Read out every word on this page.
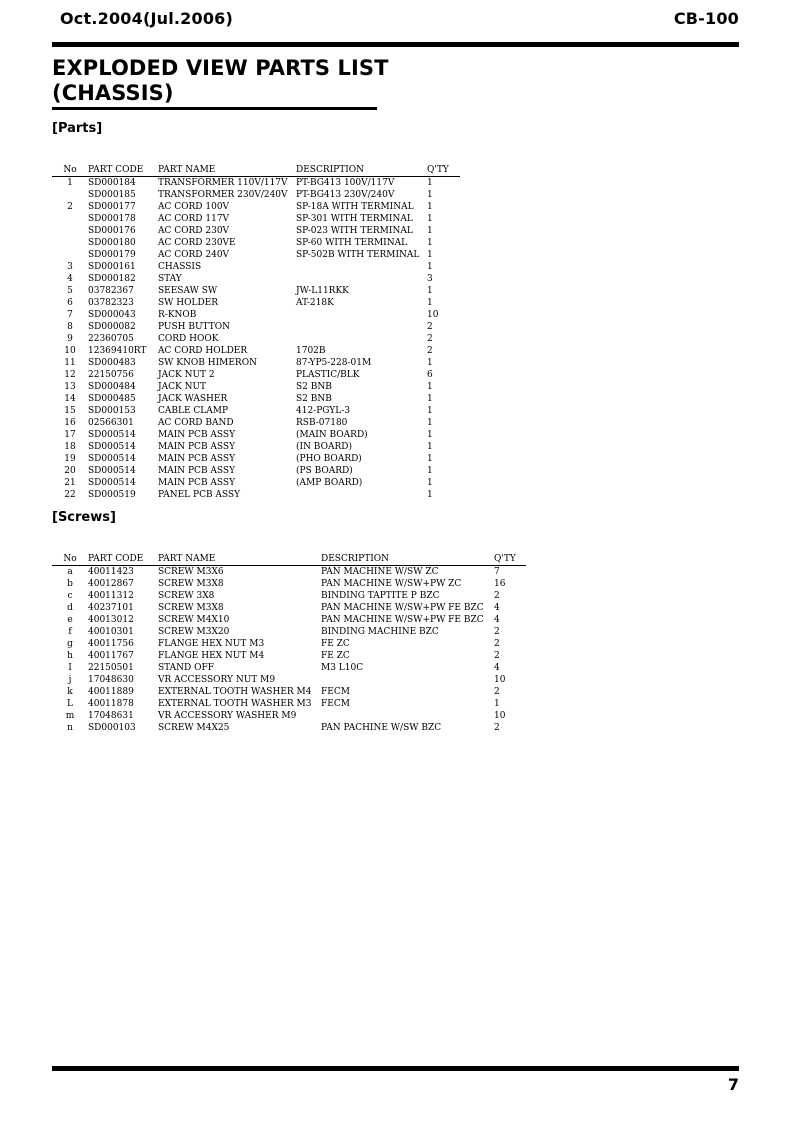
Oct.2004(Jul.2006)	CB-100
EXPLODED VIEW PARTS LIST
(CHASSIS)
[Parts]
No	PART CODE	PART NAME	DESCRIPTION	Q'TY
1	SD000184	TRANSFORMER 110V/117V	PT-BG413 100V/117V	1
	SD000185	TRANSFORMER 230V/240V	PT-BG413 230V/240V	1
2	SD000177	AC CORD 100V	SP-18A WITH TERMINAL	1
	SD000178	AC CORD 117V	SP-301 WITH TERMINAL	1
	SD000176	AC CORD 230V	SP-023 WITH TERMINAL	1
	SD000180	AC CORD 230VE	SP-60 WITH TERMINAL	1
	SD000179	AC CORD 240V	SP-502B WITH TERMINAL	1
3	SD000161	CHASSIS		1
4	SD000182	STAY		3
5	03782367	SEESAW SW	JW-L11RKK	1
6	03782323	SW HOLDER	AT-218K	1
7	SD000043	R-KNOB		10
8	SD000082	PUSH BUTTON		2
9	22360705	CORD HOOK		2
10	12369410RT	AC CORD HOLDER	1702B	2
11	SD000483	SW KNOB HIMERON	87-YP5-228-01M	1
12	22150756	JACK NUT 2	PLASTIC/BLK	6
13	SD000484	JACK NUT	S2 BNB	1
14	SD000485	JACK WASHER	S2 BNB	1
15	SD000153	CABLE CLAMP	412-PGYL-3	1
16	02566301	AC CORD BAND	RSB-07180	1
17	SD000514	MAIN PCB ASSY	(MAIN BOARD)	1
18	SD000514	MAIN PCB ASSY	(IN BOARD)	1
19	SD000514	MAIN PCB ASSY	(PHO BOARD)	1
20	SD000514	MAIN PCB ASSY	(PS BOARD)	1
21	SD000514	MAIN PCB ASSY	(AMP BOARD)	1
22	SD000519	PANEL PCB ASSY		1
[Screws]
No	PART CODE	PART NAME	DESCRIPTION	Q'TY
a	40011423	SCREW M3X6	PAN MACHINE W/SW ZC	7
b	40012867	SCREW M3X8	PAN MACHINE W/SW+PW ZC	16
c	40011312	SCREW 3X8	BINDING TAPTITE P BZC	2
d	40237101	SCREW M3X8	PAN MACHINE W/SW+PW FE BZC	4
e	40013012	SCREW M4X10	PAN MACHINE W/SW+PW FE BZC	4
f	40010301	SCREW M3X20	BINDING MACHINE BZC	2
g	40011756	FLANGE HEX NUT M3	FE ZC	2
h	40011767	FLANGE HEX NUT M4	FE ZC	2
I	22150501	STAND OFF	M3 L10C	4
j	17048630	VR ACCESSORY NUT M9		10
k	40011889	EXTERNAL TOOTH WASHER M4	FECM	2
L	40011878	EXTERNAL TOOTH WASHER M3	FECM	1
m	17048631	VR ACCESSORY WASHER M9		10
n	SD000103	SCREW M4X25	PAN PACHINE W/SW BZC	2
7
